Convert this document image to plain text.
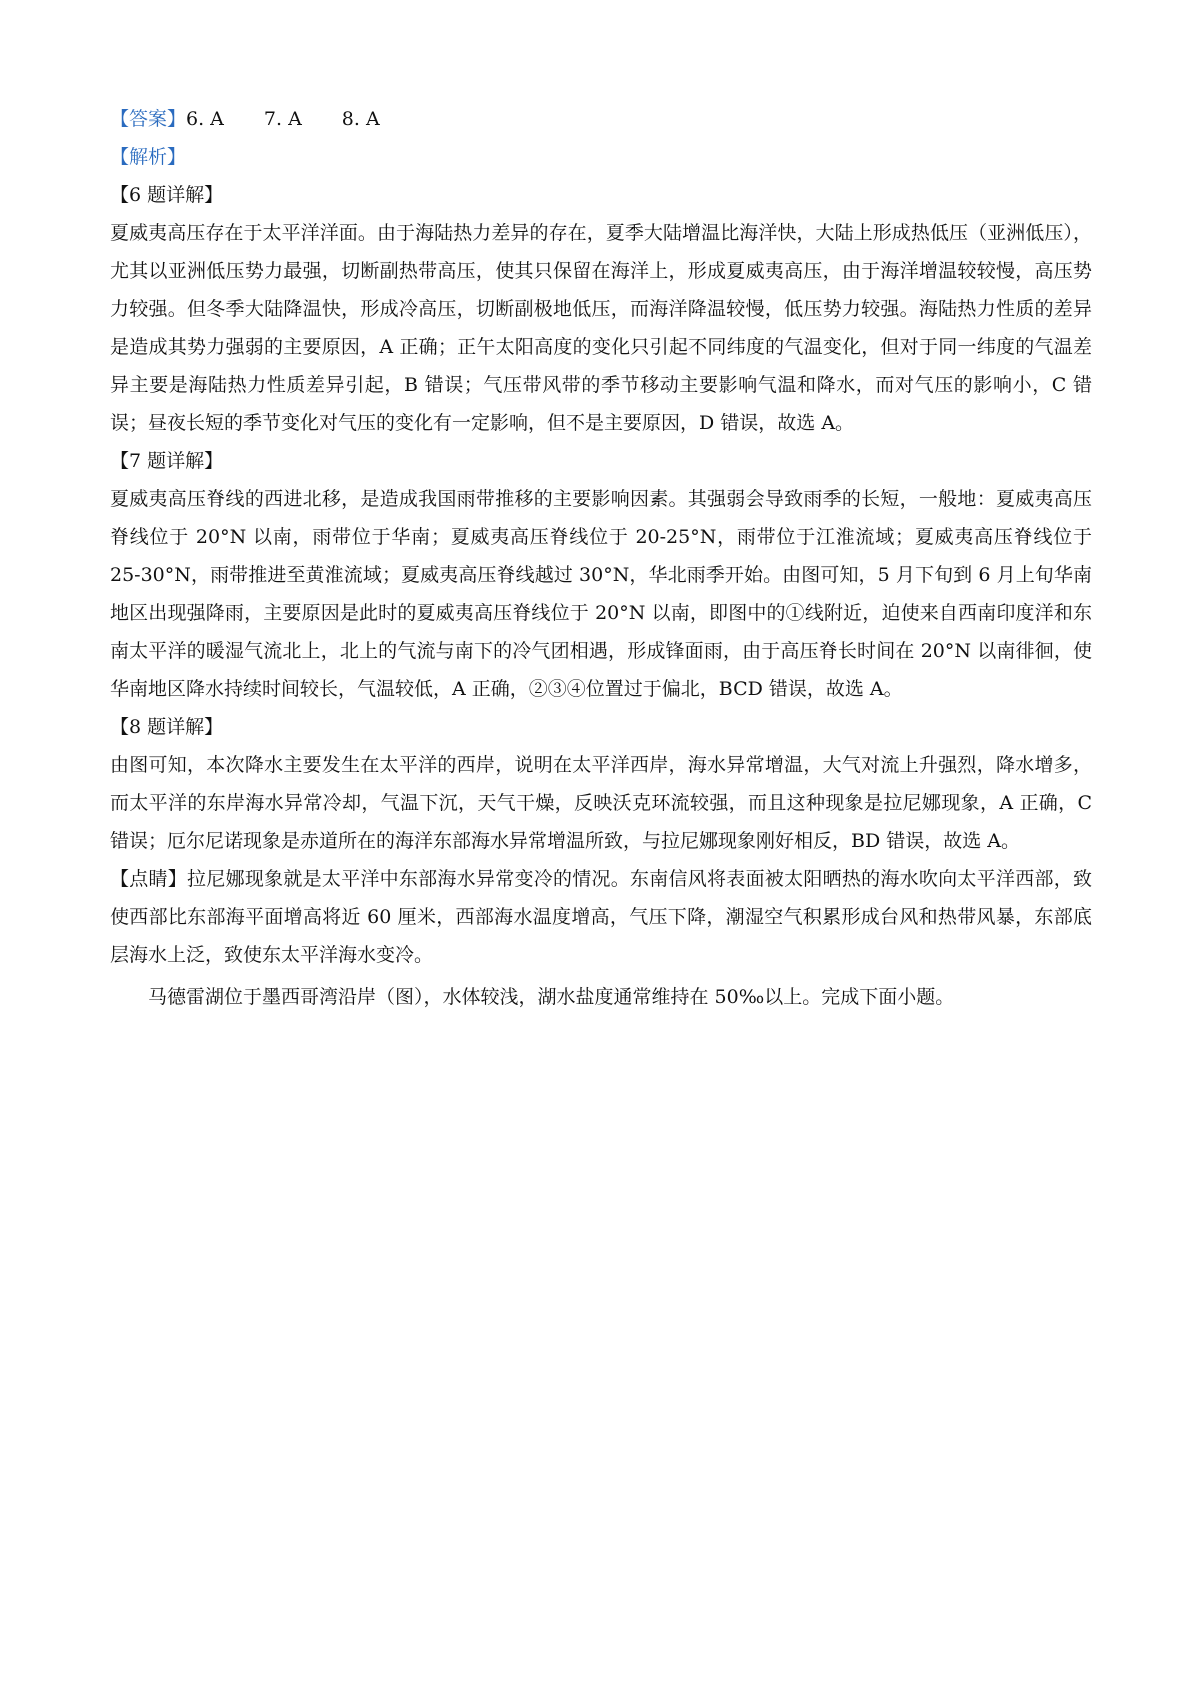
【答案】6. A 7. A 8. A
【解析】
【6 题详解】

夏威夷高压存在于太平洋洋面。由于海陆热力差异的存在，夏季大陆增温比海洋快，大陆上形成热低压（亚洲低压），尤其以亚洲低压势力最强，切断副热带高压，使其只保留在海洋上，形成夏威夷高压，由于海洋增温较较慢，高压势力较强。但冬季大陆降温快，形成冷高压，切断副极地低压，而海洋降温较慢，低压势力较强。海陆热力性质的差异是造成其势力强弱的主要原因，A 正确；正午太阳高度的变化只引起不同纬度的气温变化，但对于同一纬度的气温差异主要是海陆热力性质差异引起，B 错误；气压带风带的季节移动主要影响气温和降水，而对气压的影响小，C 错误；昼夜长短的季节变化对气压的变化有一定影响，但不是主要原因，D 错误，故选 A。

【7 题详解】

夏威夷高压脊线的西进北移，是造成我国雨带推移的主要影响因素。其强弱会导致雨季的长短，一般地：夏威夷高压脊线位于 20°N 以南，雨带位于华南；夏威夷高压脊线位于 20-25°N，雨带位于江淮流域；夏威夷高压脊线位于 25-30°N，雨带推进至黄淮流域；夏威夷高压脊线越过 30°N，华北雨季开始。由图可知，5 月下旬到 6 月上旬华南地区出现强降雨，主要原因是此时的夏威夷高压脊线位于 20°N 以南，即图中的①线附近，迫使来自西南印度洋和东南太平洋的暖湿气流北上，北上的气流与南下的冷气团相遇，形成锋面雨，由于高压脊长时间在 20°N 以南徘徊，使华南地区降水持续时间较长，气温较低，A 正确，②③④位置过于偏北，BCD 错误，故选 A。

【8 题详解】

由图可知，本次降水主要发生在太平洋的西岸，说明在太平洋西岸，海水异常增温，大气对流上升强烈，降水增多，而太平洋的东岸海水异常冷却，气温下沉，天气干燥，反映沃克环流较强，而且这种现象是拉尼娜现象，A 正确，C 错误；厄尔尼诺现象是赤道所在的海洋东部海水异常增温所致，与拉尼娜现象刚好相反，BD 错误，故选 A。

【点睛】拉尼娜现象就是太平洋中东部海水异常变冷的情况。东南信风将表面被太阳晒热的海水吹向太平洋西部，致使西部比东部海平面增高将近 60 厘米，西部海水温度增高，气压下降，潮湿空气积累形成台风和热带风暴，东部底层海水上泛，致使东太平洋海水变冷。

马德雷湖位于墨西哥湾沿岸（图），水体较浅，湖水盐度通常维持在 50‰以上。完成下面小题。
